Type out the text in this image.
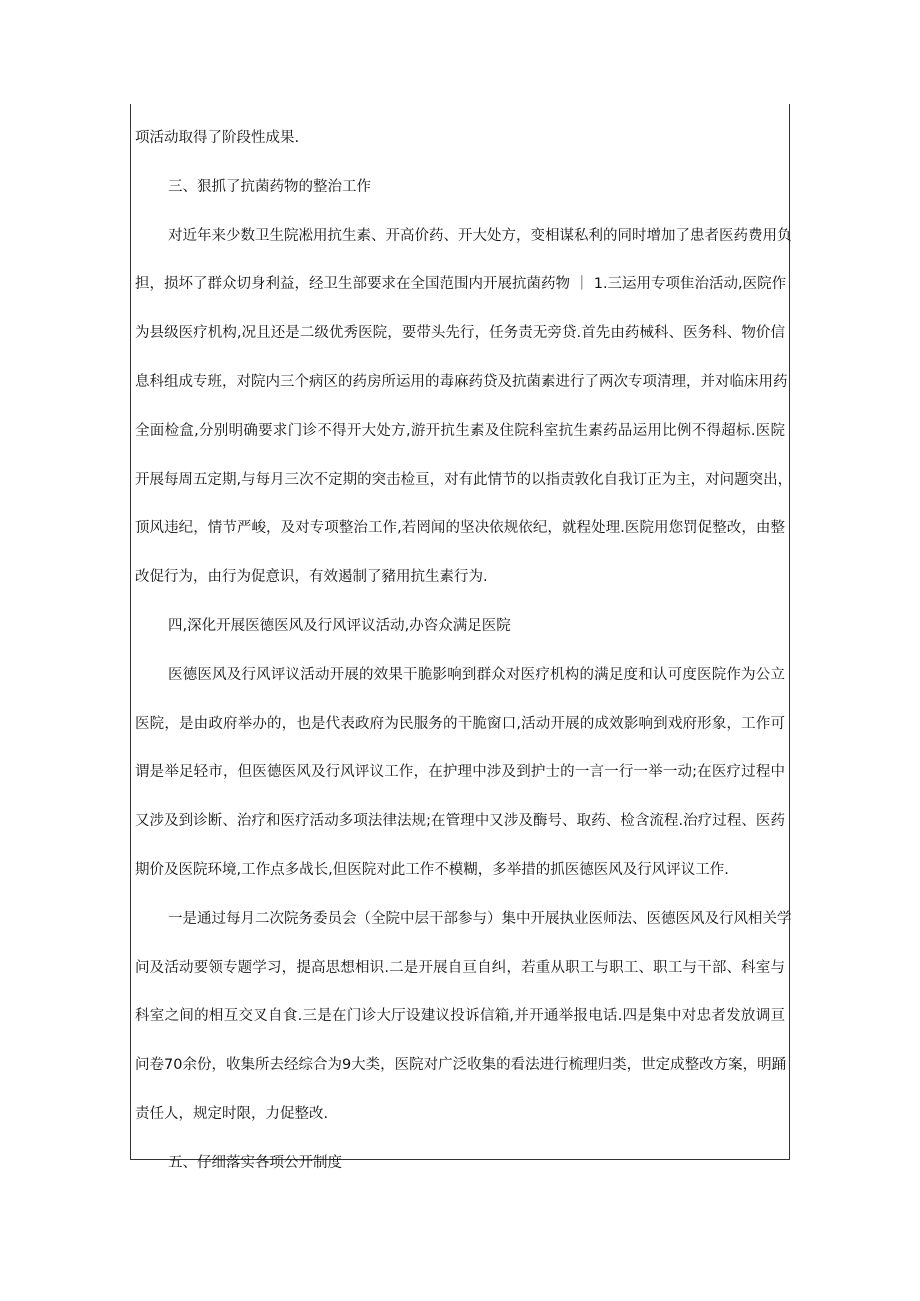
项活动取得了阶段性成果.
三、狠抓了抗菌药物的整治工作
对近年来少数卫生院凇用抗生素、开高价药、开大处方，变相谋私利的同时增加了患者医药费用负
担，损坏了群众切身利益，经卫生部要求在全国范围内开展抗菌药物 ｜ 1.三运用专项隹治活动,医院作
为县级医疗机构,况且还是二级优秀医院，要带头先行，任务责无旁贷.首先由药械科、医务科、物价信
息科组成专班，对院内三个病区的药房所运用的毒麻药贷及抗菌素进行了两次专项清理，并对临床用药
全面检盒,分别明确要求门诊不得开大处方,游开抗生素及住院科室抗生素药品运用比例不得超标.医院
开展每周五定期,与每月三次不定期的突击检亘，对有此情节的以指责敦化自我订正为主，对问题突出，
顶风违纪，情节严峻，及对专项整治工作,若罔闻的坚决依规依纪，就程处理.医院用您罚促整改，由整
改促行为，由行为促意识，有效遏制了豬用抗生素行为.
四,深化开展医德医风及行风评议活动,办咨众满足医院
医德医风及行风评议活动开展的效果干脆影响到群众对医疗机构的满足度和认可度医院作为公立
医院，是由政府举办的，也是代表政府为民服务的干脆窗口,活动开展的成效影响到戏府形象，工作可
谓是举足轻市，但医德医风及行风评议工作，在护理中涉及到护士的一言一行一举一动;在医疗过程中
又涉及到诊断、治疗和医疗活动多项法律法规;在管理中又涉及酶号、取药、检含流程.治疗过程、医药
期价及医院环境,工作点多战长,但医院对此工作不模糊，多举措的抓医德医风及行风评议工作.
一是通过每月二次院务委员会（全院中层干部参与）集中开展执业医师法、医德医风及行风相关学
问及活动要领专题学习，提高思想相识.二是开展自亘自纠，若重从职工与职工、职工与干部、科室与
科室之间的相互交叉自食.三是在门诊大厅设建议投诉信箱,并开通举报电话.四是集中对忠者发放调亘
问卷70余份，收集所去经综合为9大类，医院对广泛收集的看法进行梳理归类，世定成整改方案，明踊
责任人，规定时限，力促整改.
五、仔细落实各项公开制度
